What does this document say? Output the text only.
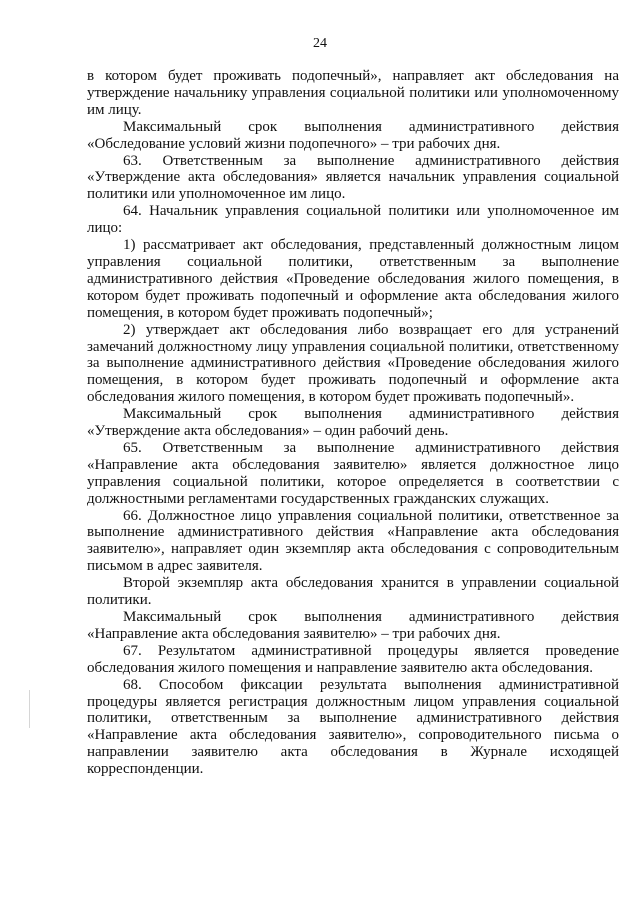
24

в котором будет проживать подопечный», направляет акт обследования на утверждение начальнику управления социальной политики или уполномоченному им лицу.

Максимальный срок выполнения административного действия «Обследование условий жизни подопечного» – три рабочих дня.

63. Ответственным за выполнение административного действия «Утверждение акта обследования» является начальник управления социальной политики или уполномоченное им лицо.

64. Начальник управления социальной политики или уполномоченное им лицо:

1) рассматривает акт обследования, представленный должностным лицом управления социальной политики, ответственным за выполнение административного действия «Проведение обследования жилого помещения, в котором будет проживать подопечный и оформление акта обследования жилого помещения, в котором будет проживать подопечный»;

2) утверждает акт обследования либо возвращает его для устранений замечаний должностному лицу управления социальной политики, ответственному за выполнение административного действия «Проведение обследования жилого помещения, в котором будет проживать подопечный и оформление акта обследования жилого помещения, в котором будет проживать подопечный».

Максимальный срок выполнения административного действия «Утверждение акта обследования» – один рабочий день.

65. Ответственным за выполнение административного действия «Направление акта обследования заявителю» является должностное лицо управления социальной политики, которое определяется в соответствии с должностными регламентами государственных гражданских служащих.

66. Должностное лицо управления социальной политики, ответственное за выполнение административного действия «Направление акта обследования заявителю», направляет один экземпляр акта обследования с сопроводительным письмом в адрес заявителя.

Второй экземпляр акта обследования хранится в управлении социальной политики.

Максимальный срок выполнения административного действия «Направление акта обследования заявителю» – три рабочих дня.

67. Результатом административной процедуры является проведение обследования жилого помещения и направление заявителю акта обследования.

68. Способом фиксации результата выполнения административной процедуры является регистрация должностным лицом управления социальной политики, ответственным за выполнение административного действия «Направление акта обследования заявителю», сопроводительного письма о направлении заявителю акта обследования в Журнале исходящей корреспонденции.
